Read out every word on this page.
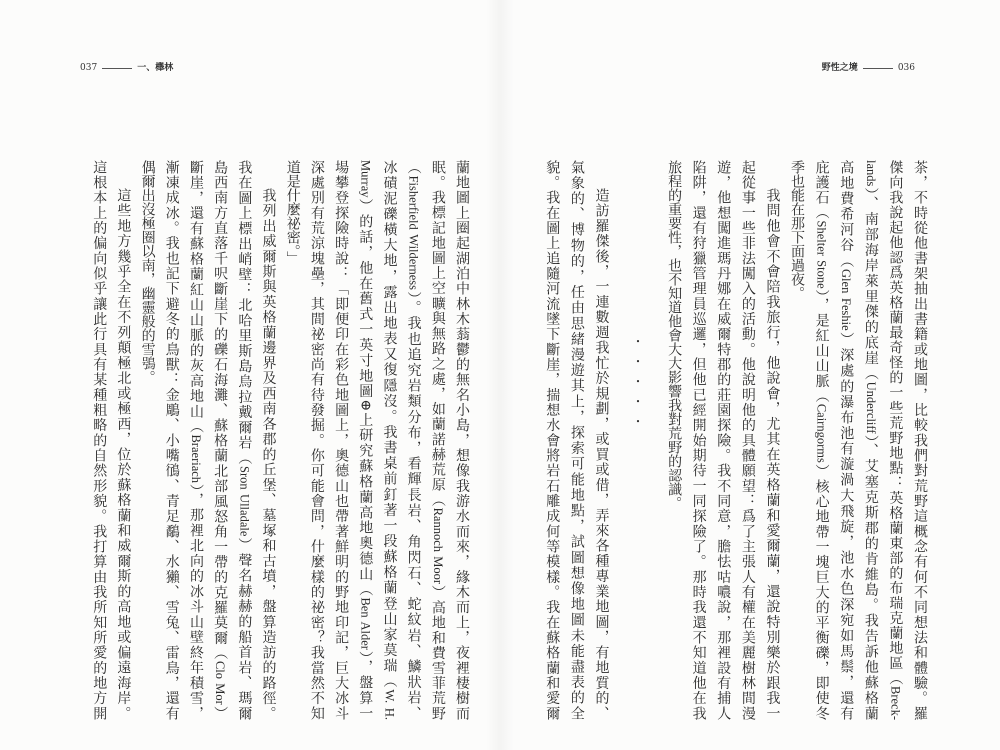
037	一、櫸林	野性之境	036
茶，不時從他書架抽出書籍或地圖，比較我們對荒野這概念有何不同想法和體驗。羅
傑向我說起他認爲英格蘭最奇怪的一些荒野地點：英格蘭東部的布瑞克蘭地區（Breck-
lands）、南部海岸萊里傑的底崖（Undercliff）、艾塞克斯郡的肯維島。我告訴他蘇格蘭
高地費希河谷（Glen Feshie）深處的瀑布池有漩渦大飛旋，池水色深宛如馬鬃，還有
庇護石（Shelter Stone），是紅山山脈（Cairngorms）核心地帶一塊巨大的平衡礫，即使冬
季也能在那下面過夜。
我問他會不會陪我旅行，他說會，尤其在英格蘭和愛爾蘭，還說特別樂於跟我一
起從事一些非法闖入的活動。他說明他的具體願望：爲了主張人有權在美麗樹林間漫
遊，他想闖進瑪丹娜在威爾特郡的莊園探險。我不同意，膽怯咕噥說，那裡設有捕人
陷阱，還有狩獵管理員巡邏，但他已經開始期待一同探險了。那時我還不知道他在我
旅程的重要性，也不知道他會大大影響我對荒野的認識。
・・・・・
造訪羅傑後，一連數週我忙於規劃，或買或借，弄來各種專業地圖，有地質的、
氣象的、博物的，任由思緒漫遊其上，探索可能地點，試圖想像地圖未能盡表的全
貌。我在圖上追隨河流墜下斷崖，揣想水會將岩石雕成何等模樣。我在蘇格蘭和愛爾
蘭地圖上圈起湖泊中林木蓊鬱的無名小島，想像我游水而來，緣木而上，夜裡棲樹而
眠。我標記地圖上空曠與無路之處，如蘭諾赫荒原（Rannoch Moor）高地和費雪菲荒野
（Fisherfield Wilderness）。我也追究岩類分布，看輝長岩、角閃石、蛇紋岩、鱗狀岩、
冰磧泥礫橫大地，露出地表又復隱沒。我書桌前釘著一段蘇格蘭登山家莫瑞（W. H.
Murray）的話，他在舊式一英寸地圖⊕上研究蘇格蘭高地奧德山（Ben Alder），盤算一
場攀登探險時說：「即便印在彩色地圖上，奧德山也帶著鮮明的野地印記，巨大冰斗
深處別有荒涼塊壘，其間祕密尚有待發掘。你可能會問，什麼樣的祕密？我當然不知
道是什麼祕密。」
我列出威爾斯與英格蘭邊界及西南各郡的丘堡、墓塚和古墳，盤算造訪的路徑。
我在圖上標出峭壁：北哈里斯島烏拉戴爾岩（Sron Ulladale）聲名赫赫的船首岩、瑪爾
島西南方直落千呎斷崖下的礫石海灘、蘇格蘭北部風怒角一帶的克羅莫爾（Clo Mor）
斷崖，還有蘇格蘭紅山山脈的灰高地山（Braeriach），那裡北向的冰斗山壁終年積雪，
漸凍成冰。我也記下避冬的鳥獸：金鵰、小嘴鴴、青足鷸、水獺、雪兔、雷鳥，還有
偶爾出沒極圈以南，幽靈般的雪鴞。
這些地方幾乎全在不列顛極北或極西，位於蘇格蘭和威爾斯的高地或偏遠海岸。
這根本上的偏向似乎讓此行具有某種粗略的自然形貌。我打算由我所知所愛的地方開
